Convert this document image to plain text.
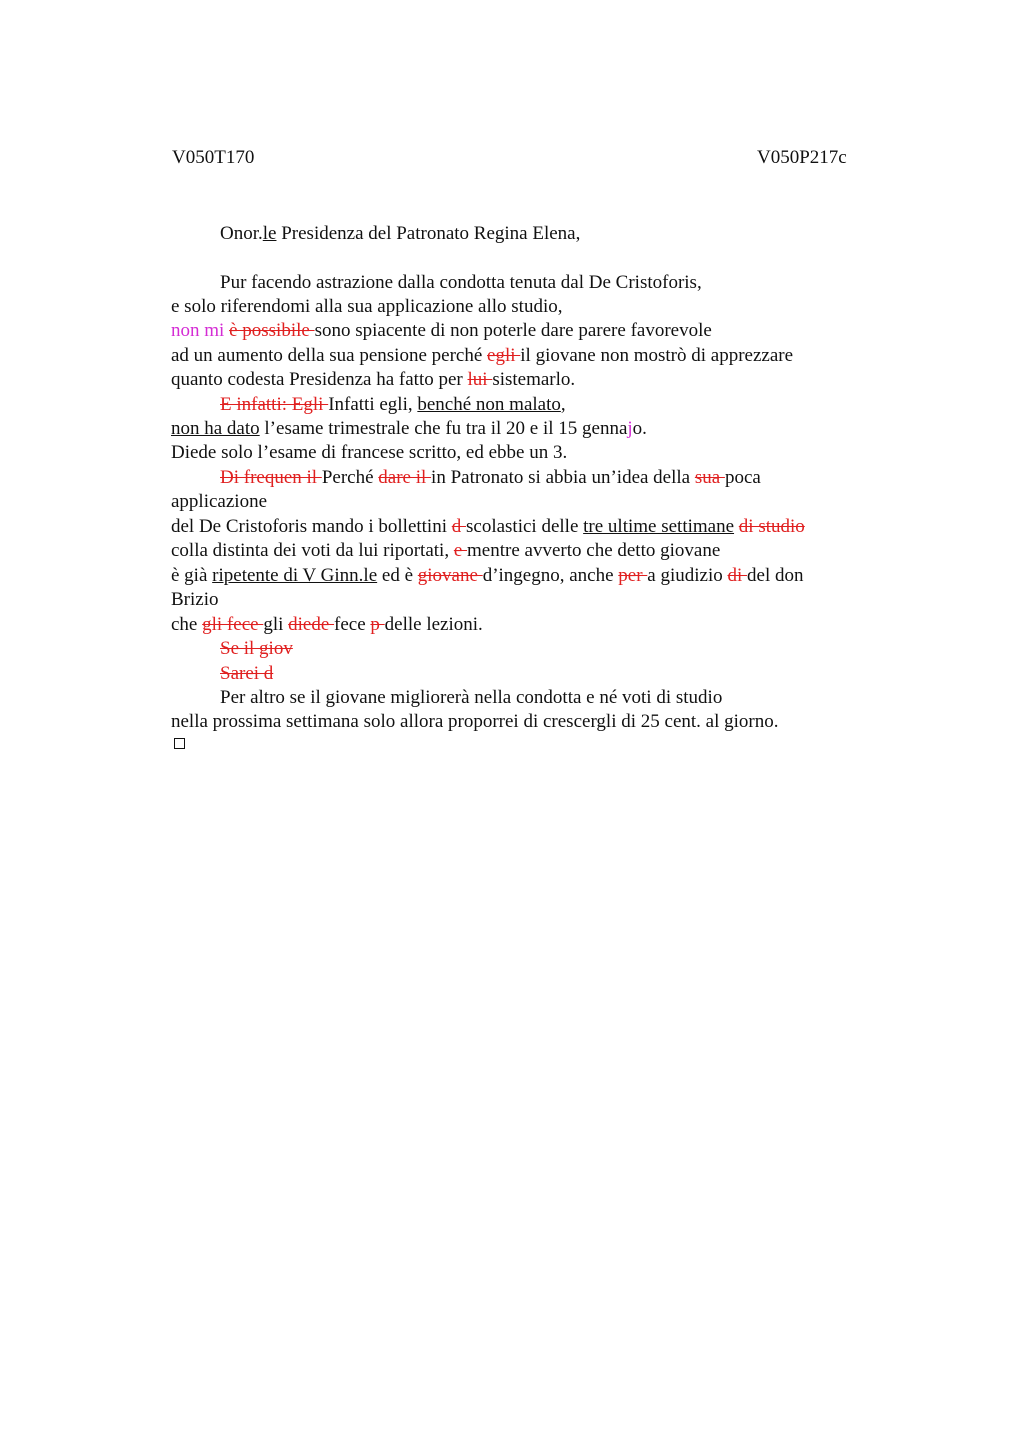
V050T170	V050P217c
Onor.le Presidenza del Patronato Regina Elena,
Pur facendo astrazione dalla condotta tenuta dal De Cristoforis,
e solo riferendomi alla sua applicazione allo studio,
non mi è possibile sono spiacente di non poterle dare parere favorevole
ad un aumento della sua pensione perché egli il giovane non mostrò di apprezzare
quanto codesta Presidenza ha fatto per lui sistemarlo.
E infatti: Egli Infatti egli, benché non malato,
non ha dato l’esame trimestrale che fu tra il 20 e il 15 gennajo.
Diede solo l’esame di francese scritto, ed ebbe un 3.
Di frequen il Perché dare il in Patronato si abbia un’idea della sua poca
applicazione
del De Cristoforis mando i bollettini d scolastici delle tre ultime settimane di studio
colla distinta dei voti da lui riportati, e mentre avverto che detto giovane
è già ripetente di V Ginn.le ed è giovane d’ingegno, anche per a giudizio di del don
Brizio
che gli fece gli diede fece p delle lezioni.
Se il giov
Sarei d
Per altro se il giovane migliorerà nella condotta e né voti di studio
nella prossima settimana solo allora proporrei di crescergli di 25 cent. al giorno.
